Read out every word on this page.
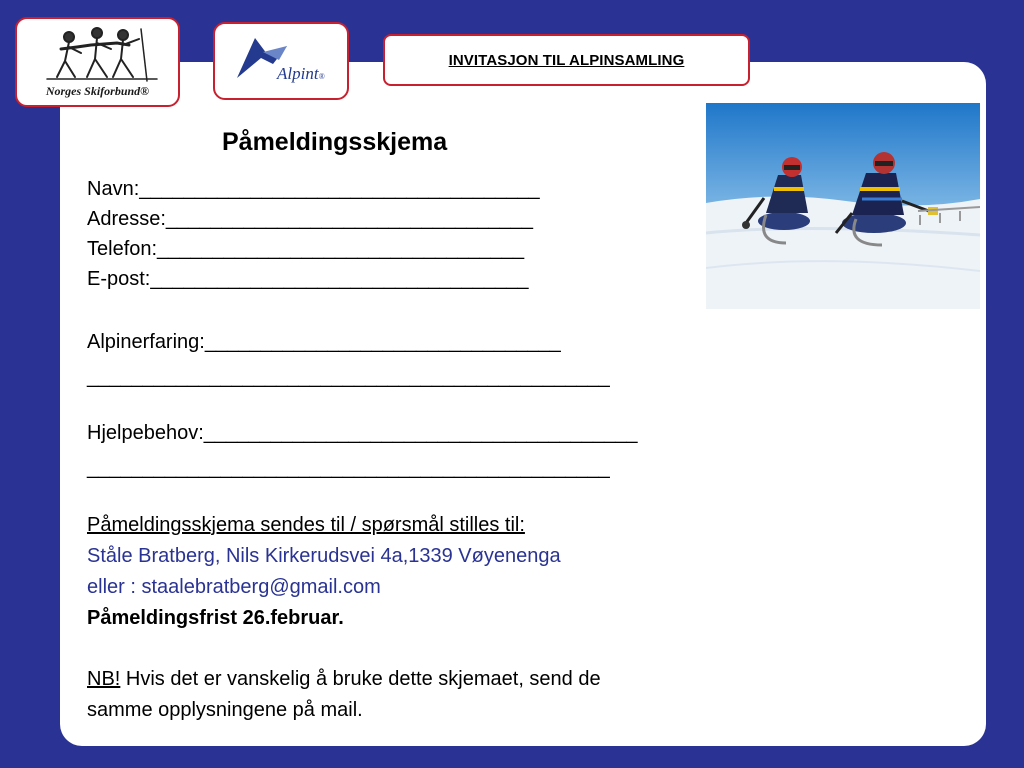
Norges Skiforbund®
Alpint®
INVITASJON TIL ALPINSAMLING
Påmeldingsskjema
Navn:____________________________________
Adresse:_________________________________
Telefon:_________________________________
E-post:__________________________________
Alpinerfaring:________________________________
_______________________________________________
Hjelpebehov:_______________________________________
_______________________________________________
Påmeldingsskjema sendes til / spørsmål stilles til:
Ståle Bratberg, Nils Kirkerudsvei 4a,1339 Vøyenenga
eller : staalebratberg@gmail.com
Påmeldingsfrist 26.februar.
NB! Hvis det er vanskelig å bruke dette skjemaet, send de
samme opplysningene på mail.
